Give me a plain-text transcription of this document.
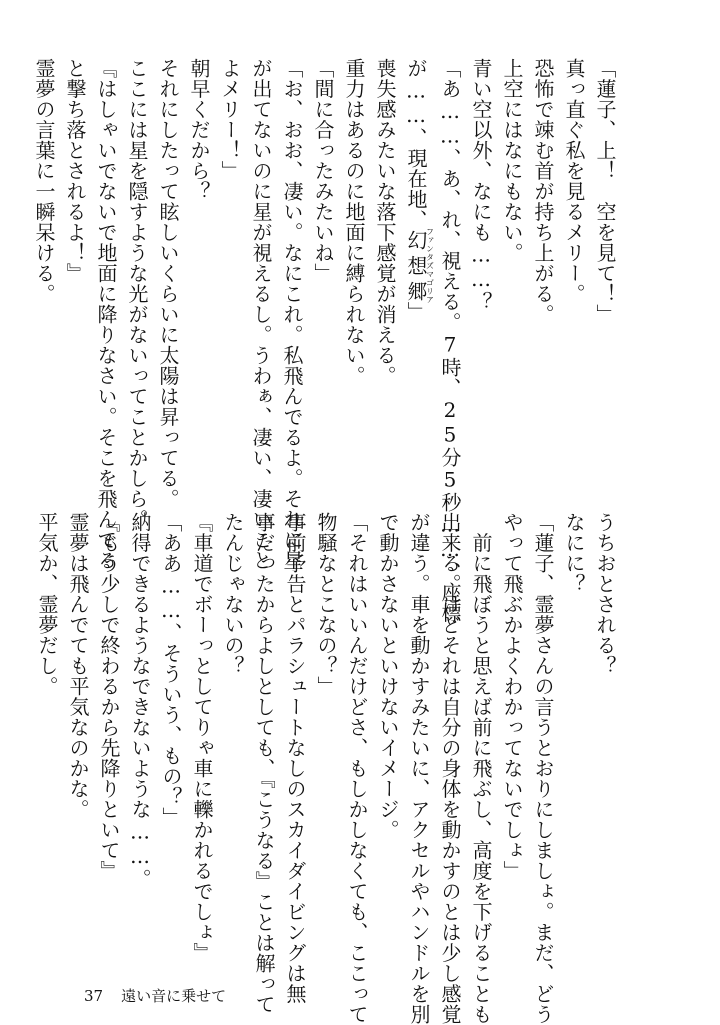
「蓮子、上！　空を見て！」

真っ直ぐ私を見るメリー。

恐怖で竦む首が持ち上がる。

上空にはなにもない。

青い空以外、なにも……？

「あ……、あ、れ、視える。7時、25分5秒……、座標

が……、現在地、幻想郷ファンタズマゴリア」

喪失感みたいな落下感覚が消える。

重力はあるのに地面に縛られない。

「間に合ったみたいね」

「お、おお、凄い。なにこれ。私飛んでるよ。それに星

が出てないのに星が視えるし。うわぁ、凄い、凄いこと

よメリー！」

朝早くだから？

それにしたって眩しいくらいに太陽は昇ってる。

ここには星を隠すような光がないってことかしら。

『はしゃいでないで地面に降りなさい。そこを飛んでる

と撃ち落とされるよ！』

霊夢の言葉に一瞬呆ける。

うちおとされる？

なにに？

「蓮子、霊夢さんの言うとおりにしましょ。まだ、どう

やって飛ぶかよくわかってないでしょ」

　前に飛ぼうと思えば前に飛ぶし、高度を下げることも

出来る。けどそれは自分の身体を動かすのとは少し感覚

が違う。車を動かすみたいに、アクセルやハンドルを別

で動かさないといけないイメージ。

「それはいいんだけどさ、もしかしなくても、ここって

物騒なとこなの？」

事前予告とパラシュートなしのスカイダイビングは無

事だったからよしとしても、『こうなる』ことは解って

たんじゃないの？

『車道でボーっとしてりゃ車に轢かれるでしょ』

「ああ……、そういう、もの？」

納得できるようなできないような……。

『もう少しで終わるから先降りといて』

霊夢は飛んでても平気なのかな。

平気か、霊夢だし。

37 遠い音に乗せて
